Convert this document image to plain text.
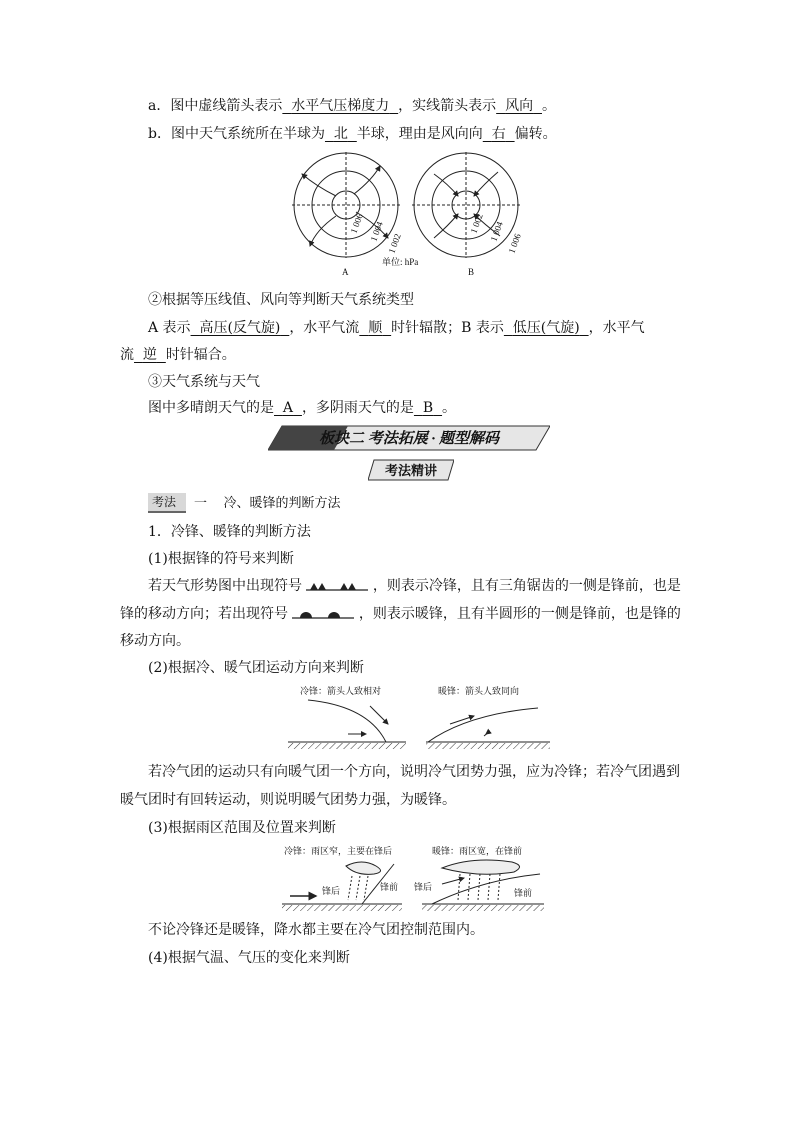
a．图中虚线箭头表示 水平气压梯度力 ，实线箭头表示 风向 。
b．图中天气系统所在半球为 北 半球，理由是风向向 右 偏转。
1 006 1 004
1 002
1 002 1 004
1 006
A
单位: hPa
B
②根据等压线值、风向等判断天气系统类型
A 表示 高压(反气旋) ，水平气流 顺 时针辐散；B 表示 低压(气旋) ，水平气
流 逆 时针辐合。
③天气系统与天气
图中多晴朗天气的是 A ，多阴雨天气的是 B 。
板块二 考法拓展 · 题型解码
考法精讲
考法	一 冷、暖锋的判断方法
1．冷锋、暖锋的判断方法
(1)根据锋的符号来判断
若天气形势图中出现符号	，则表示冷锋，且有三角锯齿的一侧是锋前，也是
锋的移动方向；若出现符号	，则表示暖锋，且有半圆形的一侧是锋前，也是锋的
移动方向。
(2)根据冷、暖气团运动方向来判断
冷锋：箭头人致相对	暖锋：箭头人致同向
若冷气团的运动只有向暖气团一个方向，说明冷气团势力强，应为冷锋；若冷气团遇到
暖气团时有回转运动，则说明暖气团势力强，为暖锋。
(3)根据雨区范围及位置来判断
冷锋：雨区窄，主要在锋后	暖锋：雨区宽，在锋前
锋后	锋前 锋后
锋前
不论冷锋还是暖锋，降水都主要在冷气团控制范围内。
(4)根据气温、气压的变化来判断
